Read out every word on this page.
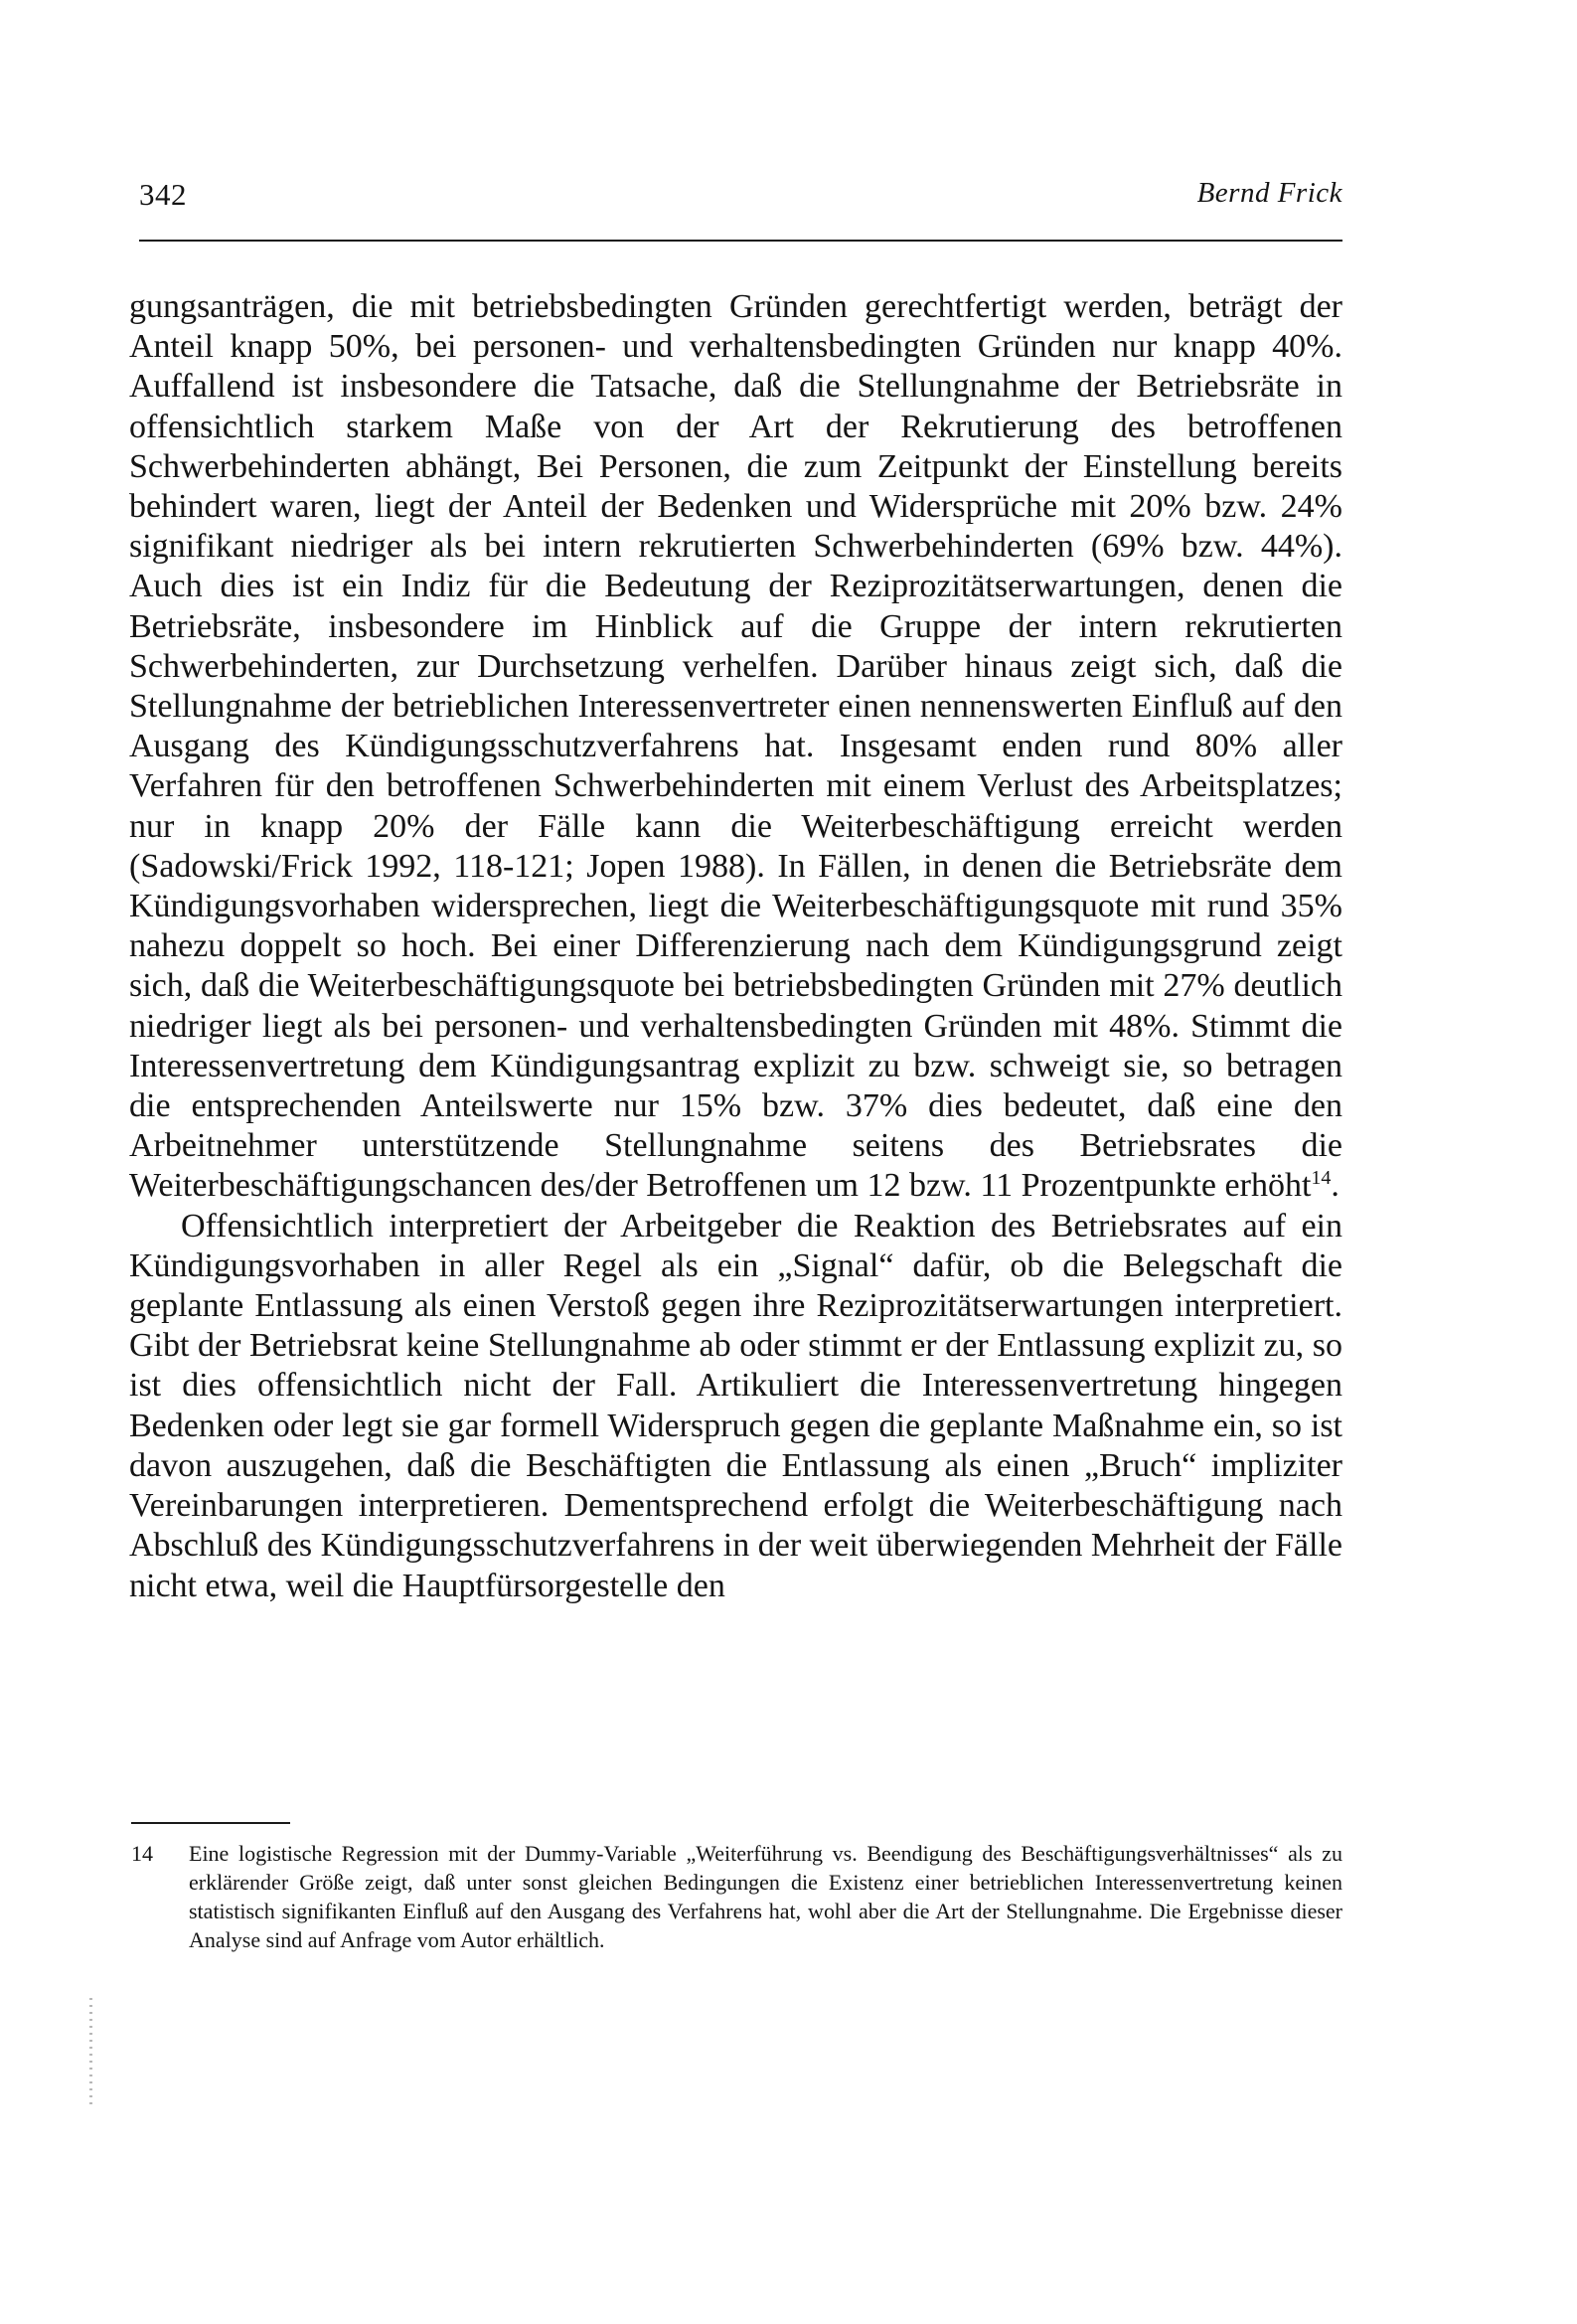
342	Bernd Frick

gungsanträgen, die mit betriebsbedingten Gründen gerechtfertigt werden, beträgt der Anteil knapp 50%, bei personen- und verhaltensbedingten Gründen nur knapp 40%. Auffallend ist insbesondere die Tatsache, daß die Stellungnahme der Betriebsräte in offensichtlich starkem Maße von der Art der Rekrutierung des betroffenen Schwerbehinderten abhängt, Bei Personen, die zum Zeitpunkt der Einstellung bereits behindert waren, liegt der Anteil der Bedenken und Widersprüche mit 20% bzw. 24% signifikant niedriger als bei intern rekrutierten Schwerbehinderten (69% bzw. 44%). Auch dies ist ein Indiz für die Bedeutung der Reziprozitätserwartungen, denen die Betriebsräte, insbesondere im Hinblick auf die Gruppe der intern rekrutierten Schwerbehinderten, zur Durchsetzung verhelfen. Darüber hinaus zeigt sich, daß die Stellungnahme der betrieblichen Interessenvertreter einen nennenswerten Einfluß auf den Ausgang des Kündigungsschutzverfahrens hat. Insgesamt enden rund 80% aller Verfahren für den betroffenen Schwerbehinderten mit einem Verlust des Arbeitsplatzes; nur in knapp 20% der Fälle kann die Weiterbeschäftigung erreicht werden (Sadowski/Frick 1992, 118-121; Jopen 1988). In Fällen, in denen die Betriebsräte dem Kündigungsvorhaben widersprechen, liegt die Weiterbeschäftigungsquote mit rund 35% nahezu doppelt so hoch. Bei einer Differenzierung nach dem Kündigungsgrund zeigt sich, daß die Weiterbeschäftigungsquote bei betriebsbedingten Gründen mit 27% deutlich niedriger liegt als bei personen- und verhaltensbedingten Gründen mit 48%. Stimmt die Interessenvertretung dem Kündigungsantrag explizit zu bzw. schweigt sie, so betragen die entsprechenden Anteilswerte nur 15% bzw. 37% dies bedeutet, daß eine den Arbeitnehmer unterstützende Stellungnahme seitens des Betriebsrates die Weiterbeschäftigungschancen des/der Betroffenen um 12 bzw. 11 Prozentpunkte erhöht$^{14}$.

Offensichtlich interpretiert der Arbeitgeber die Reaktion des Betriebsrates auf ein Kündigungsvorhaben in aller Regel als ein „Signal“ dafür, ob die Belegschaft die geplante Entlassung als einen Verstoß gegen ihre Reziprozitätserwartungen interpretiert. Gibt der Betriebsrat keine Stellungnahme ab oder stimmt er der Entlassung explizit zu, so ist dies offensichtlich nicht der Fall. Artikuliert die Interessenvertretung hingegen Bedenken oder legt sie gar formell Widerspruch gegen die geplante Maßnahme ein, so ist davon auszugehen, daß die Beschäftigten die Entlassung als einen „Bruch“ impliziter Vereinbarungen interpretieren. Dementsprechend erfolgt die Weiterbeschäftigung nach Abschluß des Kündigungsschutzverfahrens in der weit überwiegenden Mehrheit der Fälle nicht etwa, weil die Hauptfürsorgestelle den

14	Eine logistische Regression mit der Dummy-Variable „Weiterführung vs. Beendigung des Beschäftigungsverhältnisses“ als zu erklärender Größe zeigt, daß unter sonst gleichen Bedingungen die Existenz einer betrieblichen Interessenvertretung keinen statistisch signifikanten Einfluß auf den Ausgang des Verfahrens hat, wohl aber die Art der Stellungnahme. Die Ergebnisse dieser Analyse sind auf Anfrage vom Autor erhältlich.
